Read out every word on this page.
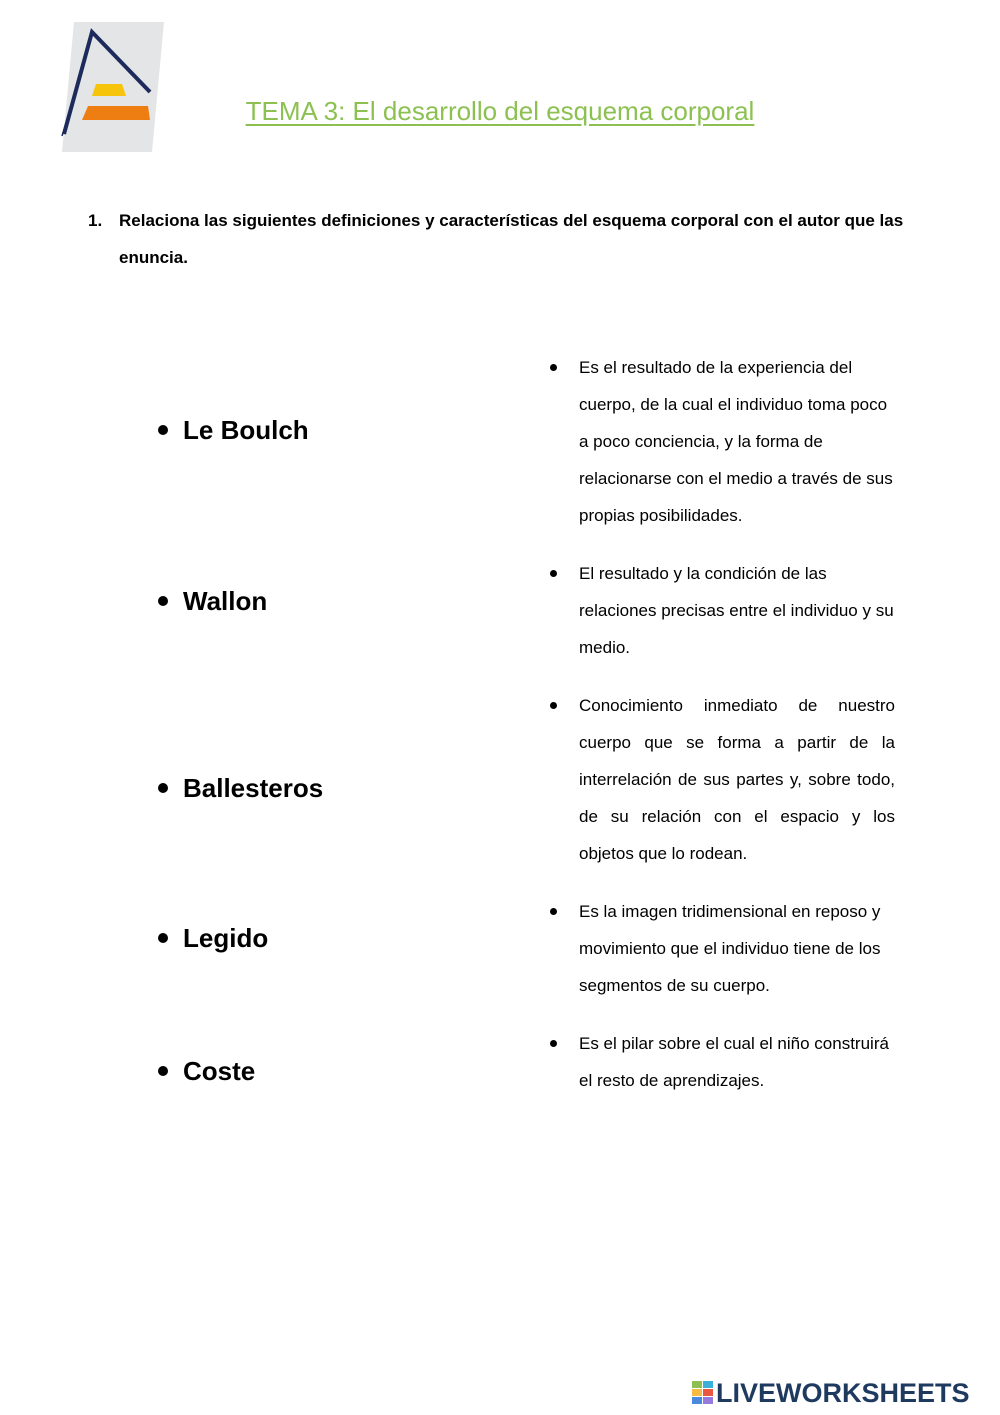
TEMA 3: El desarrollo del esquema corporal
1. Relaciona las siguientes definiciones y características del esquema corporal con el autor que las enuncia.
Le Boulch
Wallon
Ballesteros
Legido
Coste
Es el resultado de la experiencia del cuerpo, de la cual el individuo toma poco a poco conciencia, y la forma de relacionarse con el medio a través de sus propias posibilidades.
El resultado y la condición de las relaciones precisas entre el individuo y su medio.
Conocimiento inmediato de nuestro cuerpo que se forma a partir de la interrelación de sus partes y, sobre todo, de su relación con el espacio y los objetos que lo rodean.
Es la imagen tridimensional en reposo y movimiento que el individuo tiene de los segmentos de su cuerpo.
Es el pilar sobre el cual el niño construirá el resto de aprendizajes.
LIVEWORKSHEETS
